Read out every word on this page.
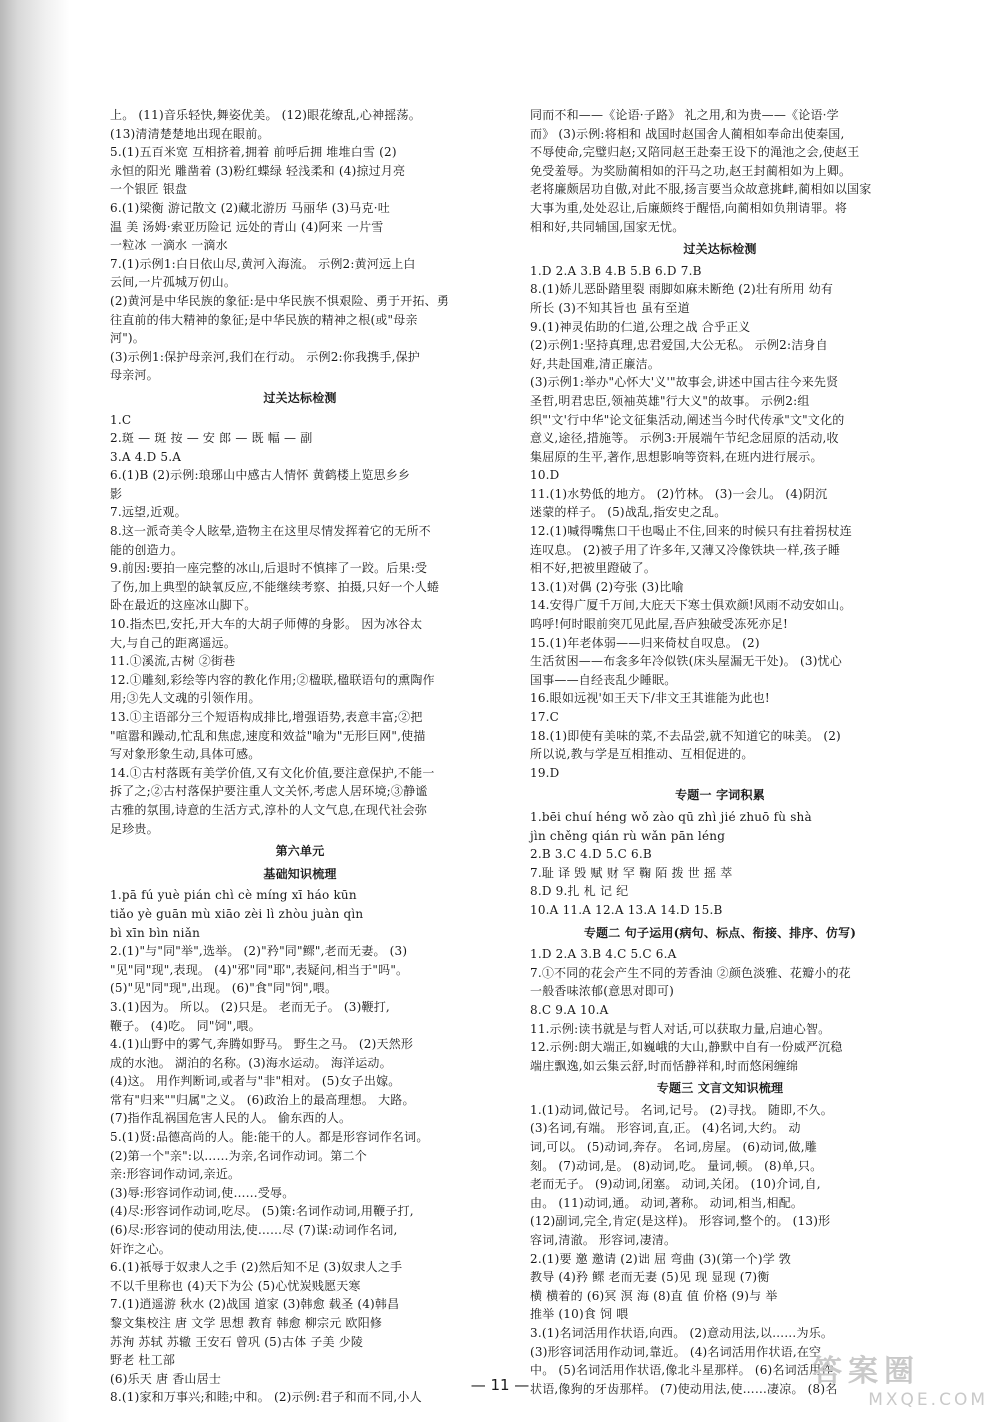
上。 (11)音乐轻快,舞姿优美。 (12)眼花缭乱,心神摇荡。
(13)清清楚楚地出现在眼前。
5.(1)五百米宽 互相挤着,拥着 前呼后拥 堆堆白雪 (2)
永恒的阳光 雕凿着 (3)粉红蝶绿 轻浅柔和 (4)掠过月亮
一个银匠 银盘
6.(1)梁衡 游记散文 (2)藏北游历 马丽华 (3)马克·吐
温 美 汤姆·索亚历险记 远处的青山 (4)阿来 一片雪
一粒冰 一滴水 一滴水
7.(1)示例1:白日依山尽,黄河入海流。 示例2:黄河远上白
云间,一片孤城万仞山。
(2)黄河是中华民族的象征:是中华民族不惧艰险、勇于开拓、勇
往直前的伟大精神的象征;是中华民族的精神之根(或"母亲
河")。
(3)示例1:保护母亲河,我们在行动。 示例2:你我携手,保护
母亲河。
过关达标检测
1.C
2.斑 — 斑 按 — 安 郎 — 既 幅 — 副
3.A 4.D 5.A
6.(1)B (2)示例:琅琊山中感古人情怀 黄鹤楼上览思乡乡
影
7.远望,近观。
8.这一派奇美令人眩晕,造物主在这里尽情发挥着它的无所不
能的创造力。
9.前因:要拍一座完整的冰山,后退时不慎摔了一跤。后果:受
了伤,加上典型的缺氧反应,不能继续考察、拍摄,只好一个人蜷
卧在最近的这座冰山脚下。
10.指杰巴,安托,开大车的大胡子师傅的身影。 因为冰谷太
大,与自己的距离遥远。
11.①溪流,古树 ②街巷
12.①雕刻,彩绘等内容的教化作用;②楹联,楹联语句的熏陶作
用;③先人文魂的引领作用。
13.①主语部分三个短语构成排比,增强语势,表意丰富;②把
"喧嚣和躁动,忙乱和焦虑,速度和效益"喻为"无形巨网",使描
写对象形象生动,具体可感。
14.①古村落既有美学价值,又有文化价值,要注意保护,不能一
拆了之;②古村落保护要注重人文关怀,考虑人居环境;③静谧
古雅的氛围,诗意的生活方式,淳朴的人文气息,在现代社会弥
足珍贵。
第六单元
基础知识梳理
1.pā fú yuè pián chì cè míng xī háo kūn
tiǎo yè guān mù xiāo zèi lì zhòu juàn qìn
bì xīn bìn niǎn
2.(1)"与"同"举",选举。 (2)"矜"同"鳏",老而无妻。 (3)
"见"同"现",表现。 (4)"邪"同"耶",表疑问,相当于"吗"。
(5)"见"同"现",出现。 (6)"食"同"饲",喂。
3.(1)因为。 所以。 (2)只是。 老而无子。 (3)鞭打,
鞭子。 (4)吃。 同"饲",喂。
4.(1)山野中的雾气,奔腾如野马。 野生之马。 (2)天然形
成的水池。 湖泊的名称。(3)海水运动。 海洋运动。
(4)这。 用作判断词,或者与"非"相对。 (5)女子出嫁。
常有"归来""归属"之义。 (6)政治上的最高理想。 大路。
(7)指作乱祸国危害人民的人。 偷东西的人。
5.(1)贤:品德高尚的人。能:能干的人。都是形容词作名词。
(2)第一个"亲":以……为亲,名词作动词。第二个
亲:形容词作动词,亲近。
(3)辱:形容词作动词,使……受辱。
(4)尽:形容词作动词,吃尽。 (5)策:名词作动词,用鞭子打,
(6)尽:形容词的使动用法,使……尽 (7)谋:动词作名词,
奸诈之心。
6.(1)祇辱于奴隶人之手 (2)然后知不足 (3)奴隶人之手
不以千里称也 (4)天下为公 (5)心忧炭贱愿天寒
7.(1)逍遥游 秋水 (2)战国 道家 (3)韩愈 载圣 (4)韩昌
黎文集校注 唐 文学 思想 教育 韩愈 柳宗元 欧阳修
苏洵 苏轼 苏辙 王安石 曾巩 (5)古体 子美 少陵
野老 杜工部
(6)乐天 唐 香山居士
8.(1)家和万事兴;和睦;中和。 (2)示例:君子和而不同,小人
同而不和——《论语·子路》 礼之用,和为贵——《论语·学
而》 (3)示例:将相和 战国时赵国舍人蔺相如奉命出使秦国,
不辱使命,完璧归赵;又陪同赵王赴秦王设下的渑池之会,使赵王
免受羞辱。为奖励蔺相如的汗马之功,赵王封蔺相如为上卿。
老将廉颇居功自傲,对此不服,扬言要当众故意挑衅,蔺相如以国家
大事为重,处处忍让,后廉颇终于醒悟,向蔺相如负荆请罪。将
相和好,共同辅国,国家无忧。
过关达标检测
1.D 2.A 3.B 4.B 5.B 6.D 7.B
8.(1)娇儿恶卧踏里裂 雨脚如麻未断绝 (2)壮有所用 幼有
所长 (3)不知其旨也 虽有至道
9.(1)神灵佑助的仁道,公理之战 合乎正义
(2)示例1:坚持真理,忠君爱国,大公无私。 示例2:洁身自
好,共赴国难,清正廉洁。
(3)示例1:举办"心怀大'义'"故事会,讲述中国古往今来先贤
圣哲,明君忠臣,领袖英雄"行大义"的故事。 示例2:组
织"'文'行中华"论文征集活动,阐述当今时代传承"文"文化的
意义,途径,措施等。 示例3:开展端午节纪念屈原的活动,收
集屈原的生平,著作,思想影响等资料,在班内进行展示。
10.D
11.(1)水势低的地方。 (2)竹林。 (3)一会儿。 (4)阴沉
迷蒙的样子。 (5)战乱,指安史之乱。
12.(1)喊得嘴焦口干也喝止不住,回来的时候只有拄着拐杖连
连叹息。 (2)被子用了许多年,又薄又冷像铁块一样,孩子睡
相不好,把被里蹬破了。
13.(1)对偶 (2)夸张 (3)比喻
14.安得广厦千万间,大庇天下寒士俱欢颜!风雨不动安如山。
呜呼!何时眼前突兀见此屋,吾庐独破受冻死亦足!
15.(1)年老体弱——归来倚杖自叹息。 (2)
生活贫困——布衾多年冷似铁(床头屋漏无干处)。 (3)忧心
国事——自经丧乱少睡眠。
16.眼如远视'如王天下/非文王其谁能为此也!
17.C
18.(1)即使有美味的菜,不去品尝,就不知道它的味美。 (2)
所以说,教与学是互相推动、互相促进的。
19.D
专题一 字词积累
1.bēi chuí héng wǒ zào qū zhì jié zhuō fù shà
jìn chěng qián rù wǎn pān léng
2.B 3.C 4.D 5.C 6.B
7.耻 译 毁 赋 财 罕 鞠 陌 拨 世 摇 萃
8.D 9.扎 札 记 纪
10.A 11.A 12.A 13.A 14.D 15.B
专题二 句子运用(病句、标点、衔接、排序、仿写)
1.D 2.A 3.B 4.C 5.C 6.A
7.①不同的花会产生不同的芳香油 ②颜色淡雅、花瓣小的花
一般香味浓郁(意思对即可)
8.C 9.A 10.A
11.示例:读书就是与哲人对话,可以获取力量,启迪心智。
12.示例:朗大端正,如巍峨的大山,静默中自有一份威严沉稳
端庄飘逸,如云集云舒,时而恬静祥和,时而悠闲缠绵
专题三 文言文知识梳理
1.(1)动词,做记号。 名词,记号。 (2)寻找。 随即,不久。
(3)名词,有端。 形容词,直,正。 (4)名词,大约。 动
词,可以。 (5)动词,奔存。 名词,房屋。 (6)动词,做,雕
刻。 (7)动词,是。 (8)动词,吃。 量词,顿。 (8)单,只。
老而无子。 (9)动词,闭塞。 动词,关闭。 (10)介词,自,
由。 (11)动词,通。 动词,著称。 动词,相当,相配。
(12)副词,完全,肯定(是这样)。 形容词,整个的。 (13)形
容词,清澈。 形容词,凄清。
2.(1)要 邀 邀请 (2)诎 屈 弯曲 (3)(第一个)学 敩
教导 (4)矜 鳏 老而无妻 (5)见 现 显现 (7)衡
横 横着的 (6)冥 溟 海 (8)直 值 价格 (9)与 举
推举 (10)食 饲 喂
3.(1)名词活用作状语,向西。 (2)意动用法,以……为乐。
(3)形容词活用作动词,靠近。 (4)名词活用作状语,在空
中。 (5)名词活用作状语,像北斗星那样。 (6)名词活用作
状语,像狗的牙齿那样。 (7)使动用法,使……凄凉。 (8)名
— 11 —	答案圈
MXQE.COM
